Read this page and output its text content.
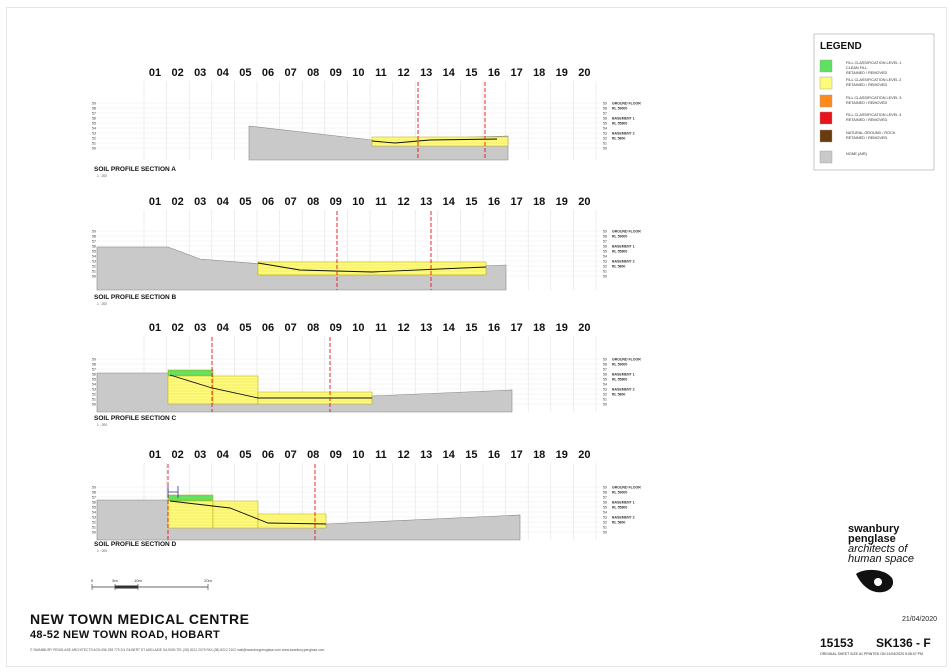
01 02 03 04 05 06 07 08 09 10 11 12 13 14 15 16 17 18 19 20
59	59
58	58
57	57
56	56
55	55
54	54
53	53
52	52
51	51
50	50
GROUND FLOOR
RL 59000
BASEMENT 1
RL 55800
BASEMENT 2
RL 5800
SOIL PROFILE SECTION A
1 : 200
01 02 03 04 05 06 07 08 09 10 11 12 13 14 15 16 17 18 19 20
59	59
58	58
57	57
56	56
55	55
54	54
53	53
52	52
51	51
50	50
GROUND FLOOR
RL 59000
BASEMENT 1
RL 55800
BASEMENT 2
RL 5800
SOIL PROFILE SECTION B
1 : 200
01 02 03 04 05 06 07 08 09 10 11 12 13 14 15 16 17 18 19 20
59	59
58	58
57	57
56	56
55	55
54	54
53	53
52	52
51	51
50	50
GROUND FLOOR
RL 59000
BASEMENT 1
RL 55800
BASEMENT 2
RL 5800
SOIL PROFILE SECTION C
1 : 200
01 02 03 04 05 06 07 08 09 10 11 12 13 14 15 16 17 18 19 20
59	59
58	58
57	57
56	56
55	55
54	54
53	53
52	52
51	51
50	50
GROUND FLOOR
RL 59000
BASEMENT 1
RL 55800
BASEMENT 2
RL 5800
SOIL PROFILE SECTION D
1 : 200
0	5m	10m	20m
LEGEND
FILL CLASSIFICATION LEVEL 1
CLEAN FILL
RETAINED / REMOVED
FILL CLASSIFICATION LEVEL 2
RETAINED / REMOVED
FILL CLASSIFICATION LEVEL 3
RETAINED / REMOVED
FILL CLASSIFICATION LEVEL 4
RETAINED / REMOVED
NATURAL GROUND / ROCK
RETAINED / REMOVED
NONE (AIR)
NEW TOWN MEDICAL CENTRE
48-52 NEW TOWN ROAD, HOBART
© SWANBURY PENGLASE ARCHITECTS ACN 056 255 775 2/4 GILBERT ST ADELAIDE SA 5000 TEL (08) 8212 2079 FAX (08) 8212 2102 mail@swanburypenglase.com www.swanburypenglase.com
21/04/2020
15153 SK136 - F
ORIGINAL SHEET SIZE A1 PRINTED ON 21/04/2020 5:08:37 PM
swanbury
penglase
architects of
human space
